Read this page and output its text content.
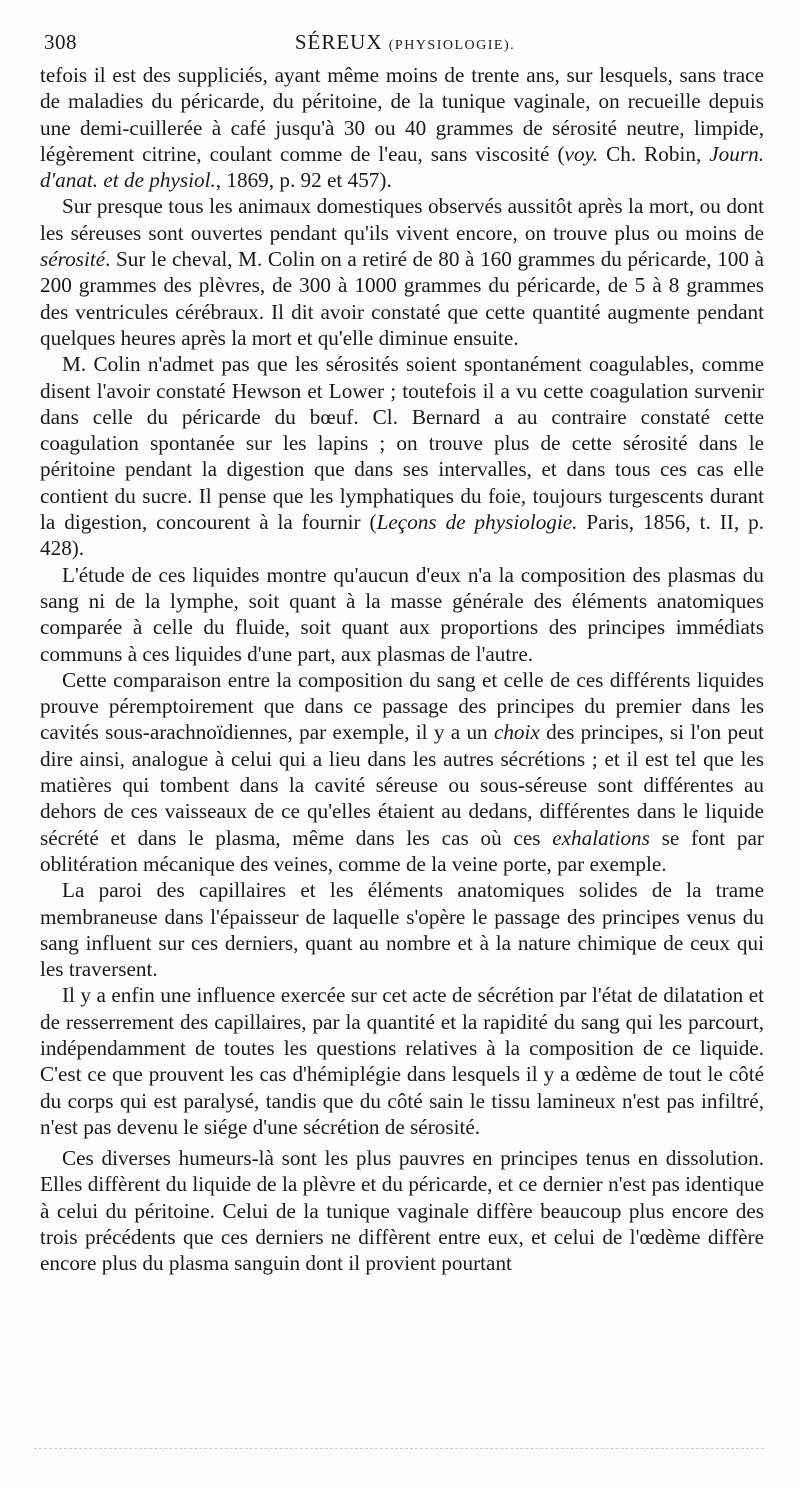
308	SÉREUX (PHYSIOLOGIE).

tefois il est des suppliciés, ayant même moins de trente ans, sur lesquels, sans trace de maladies du péricarde, du péritoine, de la tunique vaginale, on recueille depuis une demi-cuillerée à café jusqu'à 30 ou 40 grammes de sérosité neutre, limpide, légèrement citrine, coulant comme de l'eau, sans viscosité (voy. Ch. Robin, Journ. d'anat. et de physiol., 1869, p. 92 et 457).

Sur presque tous les animaux domestiques observés aussitôt après la mort, ou dont les séreuses sont ouvertes pendant qu'ils vivent encore, on trouve plus ou moins de sérosité. Sur le cheval, M. Colin on a retiré de 80 à 160 grammes du péricarde, 100 à 200 grammes des plèvres, de 300 à 1000 grammes du péricarde, de 5 à 8 grammes des ventricules cérébraux. Il dit avoir constaté que cette quantité augmente pendant quelques heures après la mort et qu'elle diminue ensuite.

M. Colin n'admet pas que les sérosités soient spontanément coagulables, comme disent l'avoir constaté Hewson et Lower ; toutefois il a vu cette coagulation survenir dans celle du péricarde du bœuf. Cl. Bernard a au contraire constaté cette coagulation spontanée sur les lapins ; on trouve plus de cette sérosité dans le péritoine pendant la digestion que dans ses intervalles, et dans tous ces cas elle contient du sucre. Il pense que les lymphatiques du foie, toujours turgescents durant la digestion, concourent à la fournir (Leçons de physiologie. Paris, 1856, t. II, p. 428).

L'étude de ces liquides montre qu'aucun d'eux n'a la composition des plasmas du sang ni de la lymphe, soit quant à la masse générale des éléments anatomiques comparée à celle du fluide, soit quant aux proportions des principes immédiats communs à ces liquides d'une part, aux plasmas de l'autre.

Cette comparaison entre la composition du sang et celle de ces différents liquides prouve péremptoirement que dans ce passage des principes du premier dans les cavités sous-arachnoïdiennes, par exemple, il y a un choix des principes, si l'on peut dire ainsi, analogue à celui qui a lieu dans les autres sécrétions ; et il est tel que les matières qui tombent dans la cavité séreuse ou sous-séreuse sont différentes au dehors de ces vaisseaux de ce qu'elles étaient au dedans, différentes dans le liquide sécrété et dans le plasma, même dans les cas où ces exhalations se font par oblitération mécanique des veines, comme de la veine porte, par exemple.

La paroi des capillaires et les éléments anatomiques solides de la trame membraneuse dans l'épaisseur de laquelle s'opère le passage des principes venus du sang influent sur ces derniers, quant au nombre et à la nature chimique de ceux qui les traversent.

Il y a enfin une influence exercée sur cet acte de sécrétion par l'état de dilatation et de resserrement des capillaires, par la quantité et la rapidité du sang qui les parcourt, indépendamment de toutes les questions relatives à la composition de ce liquide. C'est ce que prouvent les cas d'hémiplégie dans lesquels il y a œdème de tout le côté du corps qui est paralysé, tandis que du côté sain le tissu lamineux n'est pas infiltré, n'est pas devenu le siége d'une sécrétion de sérosité.

Ces diverses humeurs-là sont les plus pauvres en principes tenus en dissolution. Elles diffèrent du liquide de la plèvre et du péricarde, et ce dernier n'est pas identique à celui du péritoine. Celui de la tunique vaginale diffère beaucoup plus encore des trois précédents que ces derniers ne diffèrent entre eux, et celui de l'œdème diffère encore plus du plasma sanguin dont il provient pourtant
